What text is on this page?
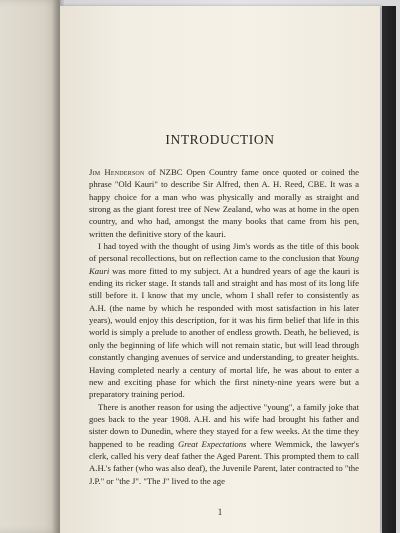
INTRODUCTION

Jim Henderson of NZBC Open Country fame once quoted or coined the phrase "Old Kauri" to describe Sir Alfred, then A. H. Reed, CBE. It was a happy choice for a man who was physically and morally as straight and strong as the giant forest tree of New Zealand, who was at home in the open country, and who had, amongst the many books that came from his pen, written the definitive story of the kauri.

I had toyed with the thought of using Jim's words as the title of this book of personal recollections, but on reflection came to the conclusion that Young Kauri was more fitted to my subject. At a hundred years of age the kauri is ending its ricker stage. It stands tall and straight and has most of its long life still before it. I know that my uncle, whom I shall refer to consistently as A.H. (the name by which he responded with most satisfaction in his later years), would enjoy this description, for it was his firm belief that life in this world is simply a prelude to another of endless growth. Death, he believed, is only the beginning of life which will not remain static, but will lead through constantly changing avenues of service and understanding, to greater heights. Having completed nearly a century of mortal life, he was about to enter a new and exciting phase for which the first ninety-nine years were but a preparatory training period.

There is another reason for using the adjective "young", a family joke that goes back to the year 1908. A.H. and his wife had brought his father and sister down to Dunedin, where they stayed for a few weeks. At the time they happened to be reading Great Expectations where Wemmick, the lawyer's clerk, called his very deaf father the Aged Parent. This prompted them to call A.H.'s father (who was also deaf), the Juvenile Parent, later contracted to "the J.P." or "the J". "The J" lived to the age

1
